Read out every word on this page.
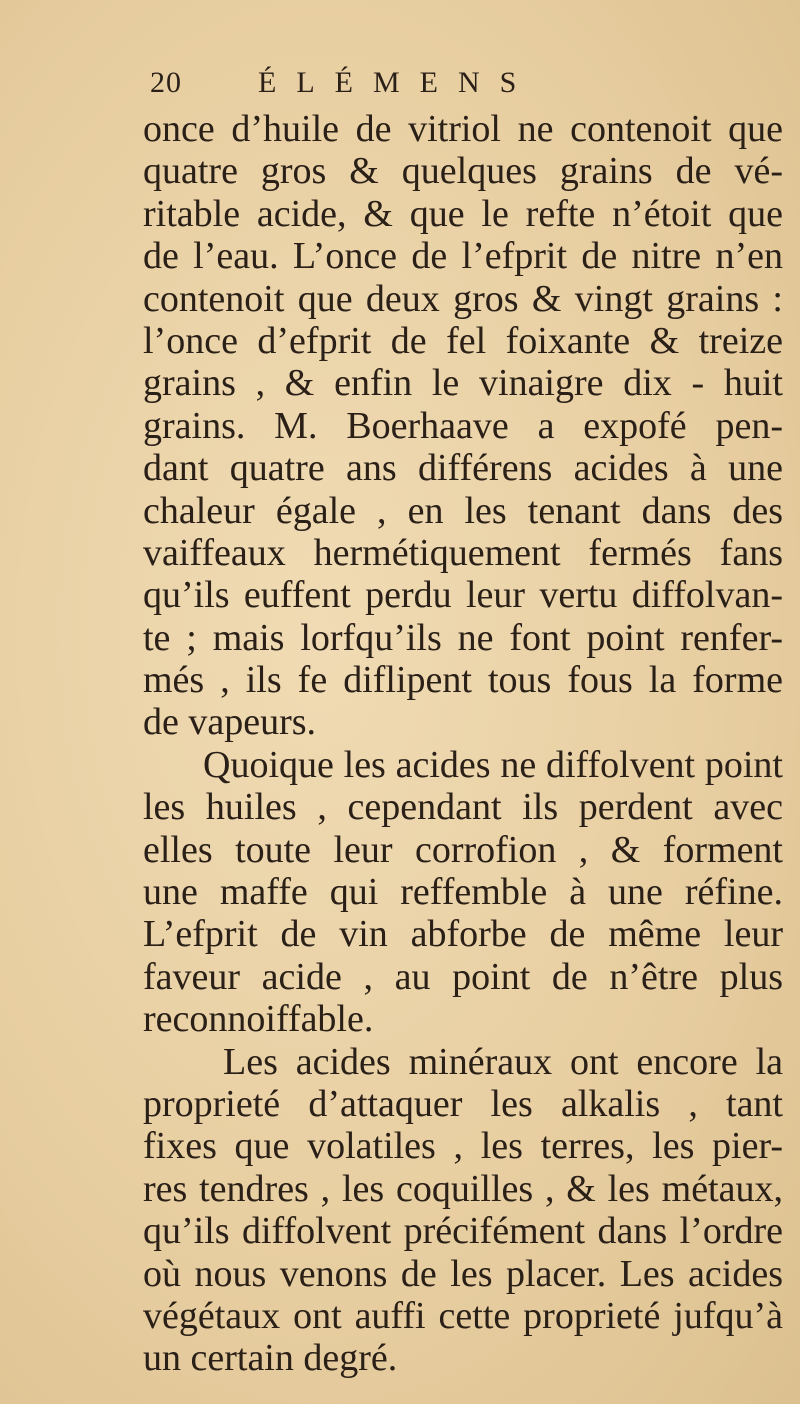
20	ÉLÉMENS
once d’huile de vitriol ne contenoit que
quatre gros & quelques grains de vé-
ritable acide, & que le refte n’étoit que
de l’eau. L’once de l’efprit de nitre n’en
contenoit que deux gros & vingt grains :
l’once d’efprit de fel foixante & treize
grains , & enfin le vinaigre dix - huit
grains. M. Boerhaave a expofé pen-
dant quatre ans différens acides à une
chaleur égale , en les tenant dans des
vaiffeaux hermétiquement fermés fans
qu’ils euffent perdu leur vertu diffolvan-
te ; mais lorfqu’ils ne font point renfer-
més , ils fe diflipent tous fous la forme
de vapeurs.
Quoique les acides ne diffolvent point
les huiles , cependant ils perdent avec
elles toute leur corrofion , & forment
une maffe qui reffemble à une réfine.
L’efprit de vin abforbe de même leur
faveur acide , au point de n’être plus
reconnoiffable.
Les acides minéraux ont encore la
proprieté d’attaquer les alkalis , tant
fixes que volatiles , les terres, les pier-
res tendres , les coquilles , & les métaux,
qu’ils diffolvent précifément dans l’ordre
où nous venons de les placer. Les acides
végétaux ont auffi cette proprieté jufqu’à
un certain degré.
